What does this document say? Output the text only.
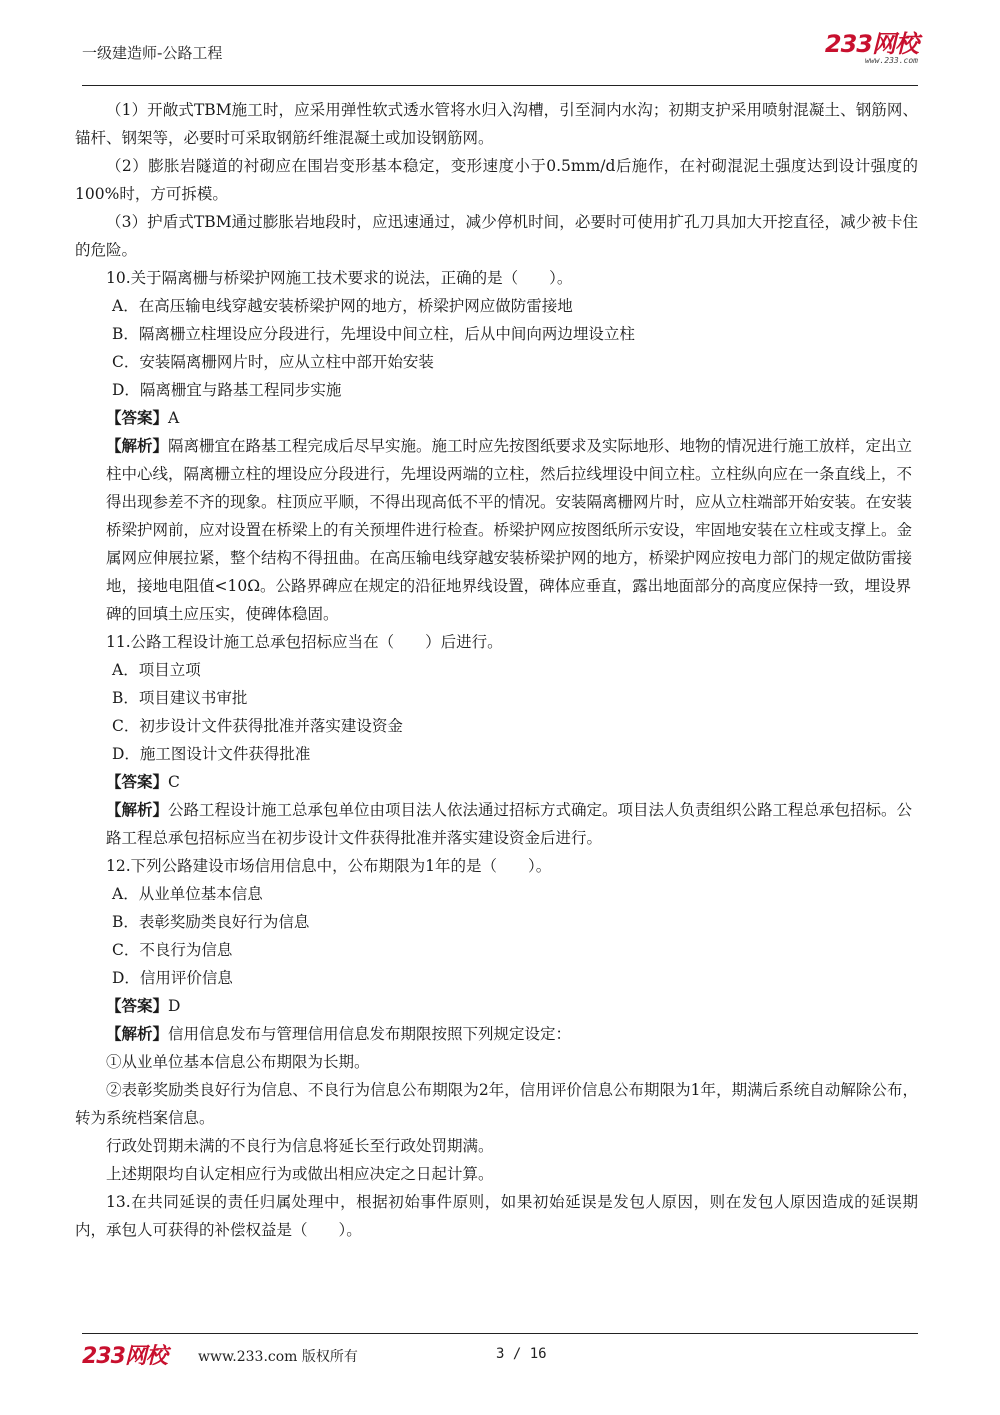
一级建造师-公路工程	233网校
www.233.com

（1）开敞式TBM施工时，应采用弹性软式透水管将水归入沟槽，引至洞内水沟；初期支护采用喷射混凝土、钢筋网、锚杆、钢架等，必要时可采取钢筋纤维混凝土或加设钢筋网。

（2）膨胀岩隧道的衬砌应在围岩变形基本稳定，变形速度小于0.5mm/d后施作，在衬砌混泥土强度达到设计强度的100%时，方可拆模。

（3）护盾式TBM通过膨胀岩地段时，应迅速通过，减少停机时间，必要时可使用扩孔刀具加大开挖直径，减少被卡住的危险。

10.关于隔离栅与桥梁护网施工技术要求的说法，正确的是（　　）。

A．在高压输电线穿越安装桥梁护网的地方，桥梁护网应做防雷接地

B．隔离栅立柱埋设应分段进行，先埋设中间立柱，后从中间向两边埋设立柱

C．安装隔离栅网片时，应从立柱中部开始安装

D．隔离栅宜与路基工程同步实施

【答案】A

【解析】隔离栅宜在路基工程完成后尽早实施。施工时应先按图纸要求及实际地形、地物的情况进行施工放样，定出立柱中心线，隔离栅立柱的埋设应分段进行，先埋设两端的立柱，然后拉线埋设中间立柱。立柱纵向应在一条直线上，不得出现参差不齐的现象。柱顶应平顺，不得出现高低不平的情况。安装隔离栅网片时，应从立柱端部开始安装。在安装桥梁护网前，应对设置在桥梁上的有关预埋件进行检查。桥梁护网应按图纸所示安设，牢固地安装在立柱或支撑上。金属网应伸展拉紧，整个结构不得扭曲。在高压输电线穿越安装桥梁护网的地方，桥梁护网应按电力部门的规定做防雷接地，接地电阻值<10Ω。公路界碑应在规定的沿征地界线设置，碑体应垂直，露出地面部分的高度应保持一致，埋设界碑的回填土应压实，使碑体稳固。

11.公路工程设计施工总承包招标应当在（　　）后进行。

A．项目立项

B．项目建议书审批

C．初步设计文件获得批准并落实建设资金

D．施工图设计文件获得批准

【答案】C

【解析】公路工程设计施工总承包单位由项目法人依法通过招标方式确定。项目法人负责组织公路工程总承包招标。公路工程总承包招标应当在初步设计文件获得批准并落实建设资金后进行。

12.下列公路建设市场信用信息中，公布期限为1年的是（　　）。

A．从业单位基本信息

B．表彰奖励类良好行为信息

C．不良行为信息

D．信用评价信息

【答案】D

【解析】信用信息发布与管理信用信息发布期限按照下列规定设定：

①从业单位基本信息公布期限为长期。

②表彰奖励类良好行为信息、不良行为信息公布期限为2年，信用评价信息公布期限为1年，期满后系统自动解除公布，转为系统档案信息。

行政处罚期未满的不良行为信息将延长至行政处罚期满。

上述期限均自认定相应行为或做出相应决定之日起计算。

13.在共同延误的责任归属处理中，根据初始事件原则，如果初始延误是发包人原因，则在发包人原因造成的延误期内，承包人可获得的补偿权益是（　　）。

233网校 www.233.com 版权所有	3 / 16
